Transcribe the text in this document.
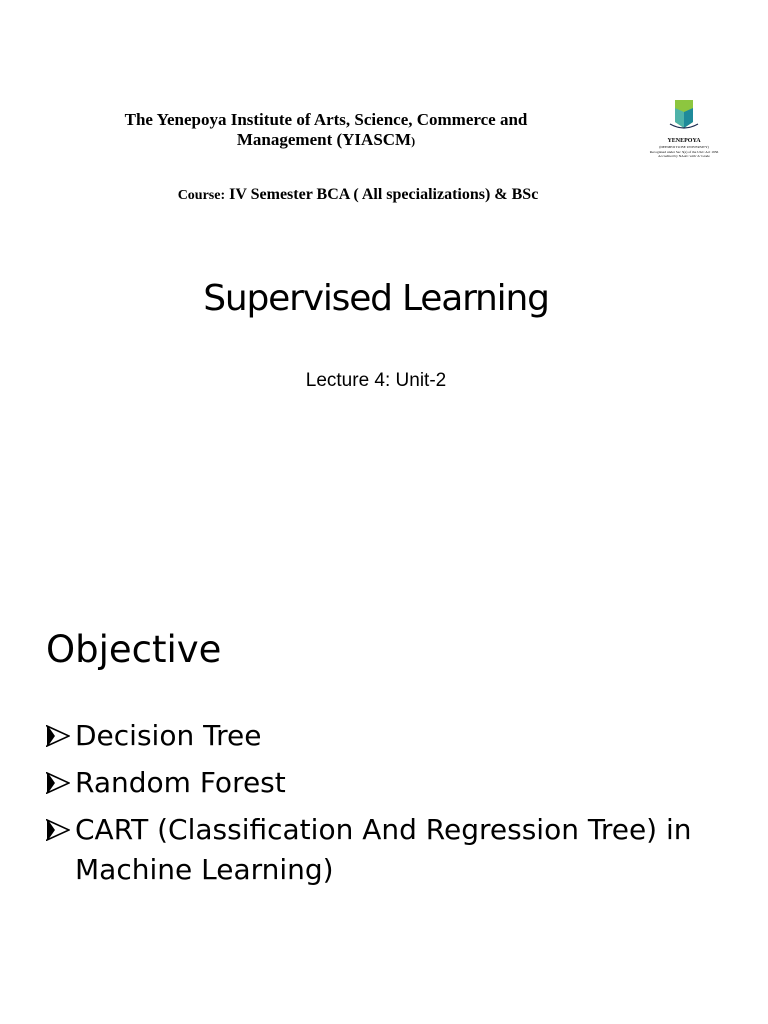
The Yenepoya Institute of Arts, Science, Commerce and
Management (YIASCM)	YENEPOYA
(DEEMED TO BE UNIVERSITY)
Recognised under Sec 3(a) of the UGC Act 1956
Accredited by NAAC with 'A' Grade
Course: IV Semester BCA ( All specializations) & BSc
Supervised Learning
Lecture 4: Unit-2
Objective
Decision Tree
Random Forest
CART (Classification And Regression Tree) in Machine Learning)
